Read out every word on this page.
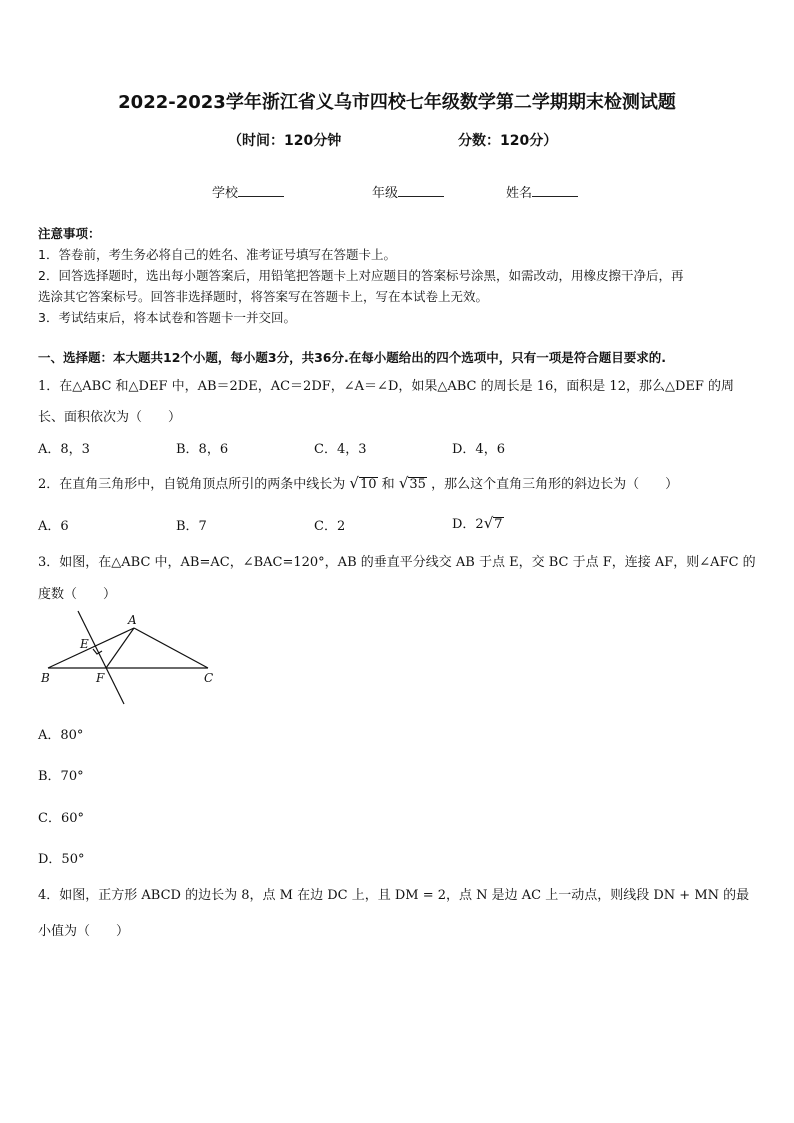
2022-2023学年浙江省义乌市四校七年级数学第二学期期末检测试题
（时间：120分钟	分数：120分）
学校	年级	姓名
注意事项：
1．答卷前，考生务必将自己的姓名、准考证号填写在答题卡上。
2．回答选择题时，选出每小题答案后，用铅笔把答题卡上对应题目的答案标号涂黑，如需改动，用橡皮擦干净后，再
选涂其它答案标号。回答非选择题时，将答案写在答题卡上，写在本试卷上无效。
3．考试结束后，将本试卷和答题卡一并交回。
一、选择题：本大题共12个小题，每小题3分，共36分.在每小题给出的四个选项中，只有一项是符合题目要求的.
1．在△ABC 和△DEF 中，AB＝2DE，AC＝2DF，∠A＝∠D，如果△ABC 的周长是 16，面积是 12，那么△DEF 的周
长、面积依次为（　　）
A．8，3	B．8，6	C．4，3	D．4，6
2．在直角三角形中，自锐角顶点所引的两条中线长为 √10 和 √35 ，那么这个直角三角形的斜边长为（　　）
A．6	B．7	C．2	D．2√7
3．如图，在△ABC 中，AB=AC，∠BAC=120°，AB 的垂直平分线交 AB 于点 E，交 BC 于点 F，连接 AF，则∠AFC 的
度数（　　）
A
B	C
E
F
A．80°
B．70°
C．60°
D．50°
4．如图，正方形 ABCD 的边长为 8，点 M 在边 DC 上，且 DM = 2，点 N 是边 AC 上一动点，则线段 DN + MN 的最
小值为（　　）
